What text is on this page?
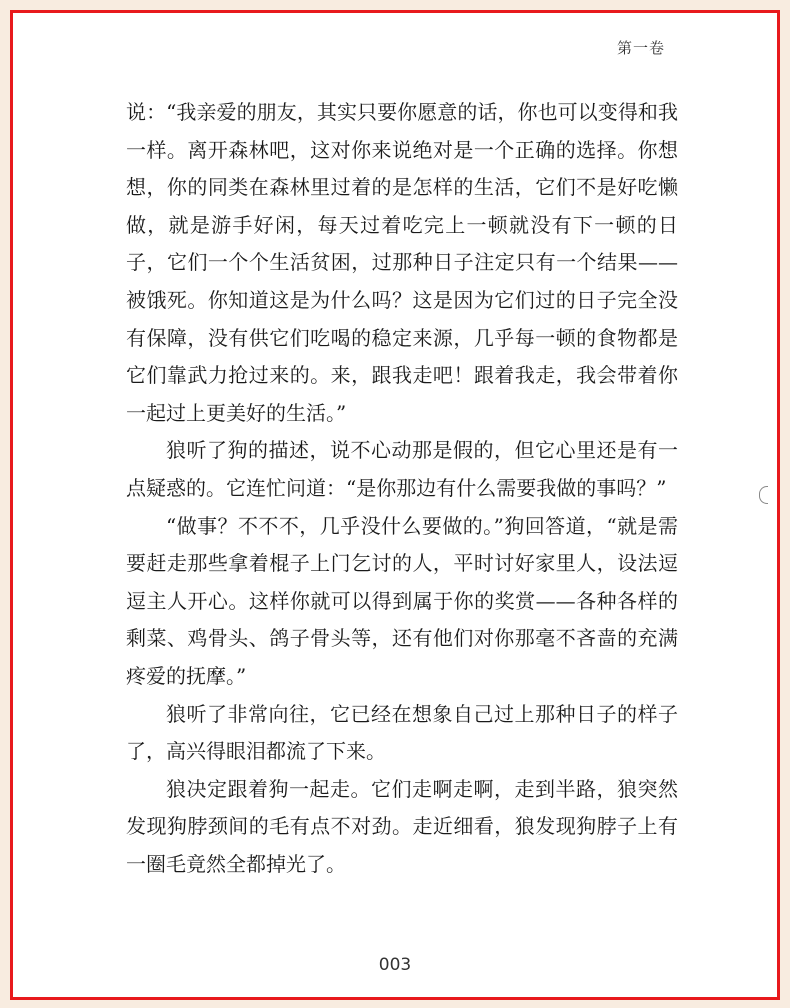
第一卷

说：“我亲爱的朋友，其实只要你愿意的话，你也可以变得和我一样。离开森林吧，这对你来说绝对是一个正确的选择。你想想，你的同类在森林里过着的是怎样的生活，它们不是好吃懒做，就是游手好闲，每天过着吃完上一顿就没有下一顿的日子，它们一个个生活贫困，过那种日子注定只有一个结果——被饿死。你知道这是为什么吗？这是因为它们过的日子完全没有保障，没有供它们吃喝的稳定来源，几乎每一顿的食物都是它们靠武力抢过来的。来，跟我走吧！跟着我走，我会带着你一起过上更美好的生活。”

狼听了狗的描述，说不心动那是假的，但它心里还是有一点疑惑的。它连忙问道：“是你那边有什么需要我做的事吗？”

“做事？不不不，几乎没什么要做的。”狗回答道，“就是需要赶走那些拿着棍子上门乞讨的人，平时讨好家里人，设法逗逗主人开心。这样你就可以得到属于你的奖赏——各种各样的剩菜、鸡骨头、鸽子骨头等，还有他们对你那毫不吝啬的充满疼爱的抚摩。”

狼听了非常向往，它已经在想象自己过上那种日子的样子了，高兴得眼泪都流了下来。

狼决定跟着狗一起走。它们走啊走啊，走到半路，狼突然发现狗脖颈间的毛有点不对劲。走近细看，狼发现狗脖子上有一圈毛竟然全都掉光了。

003
